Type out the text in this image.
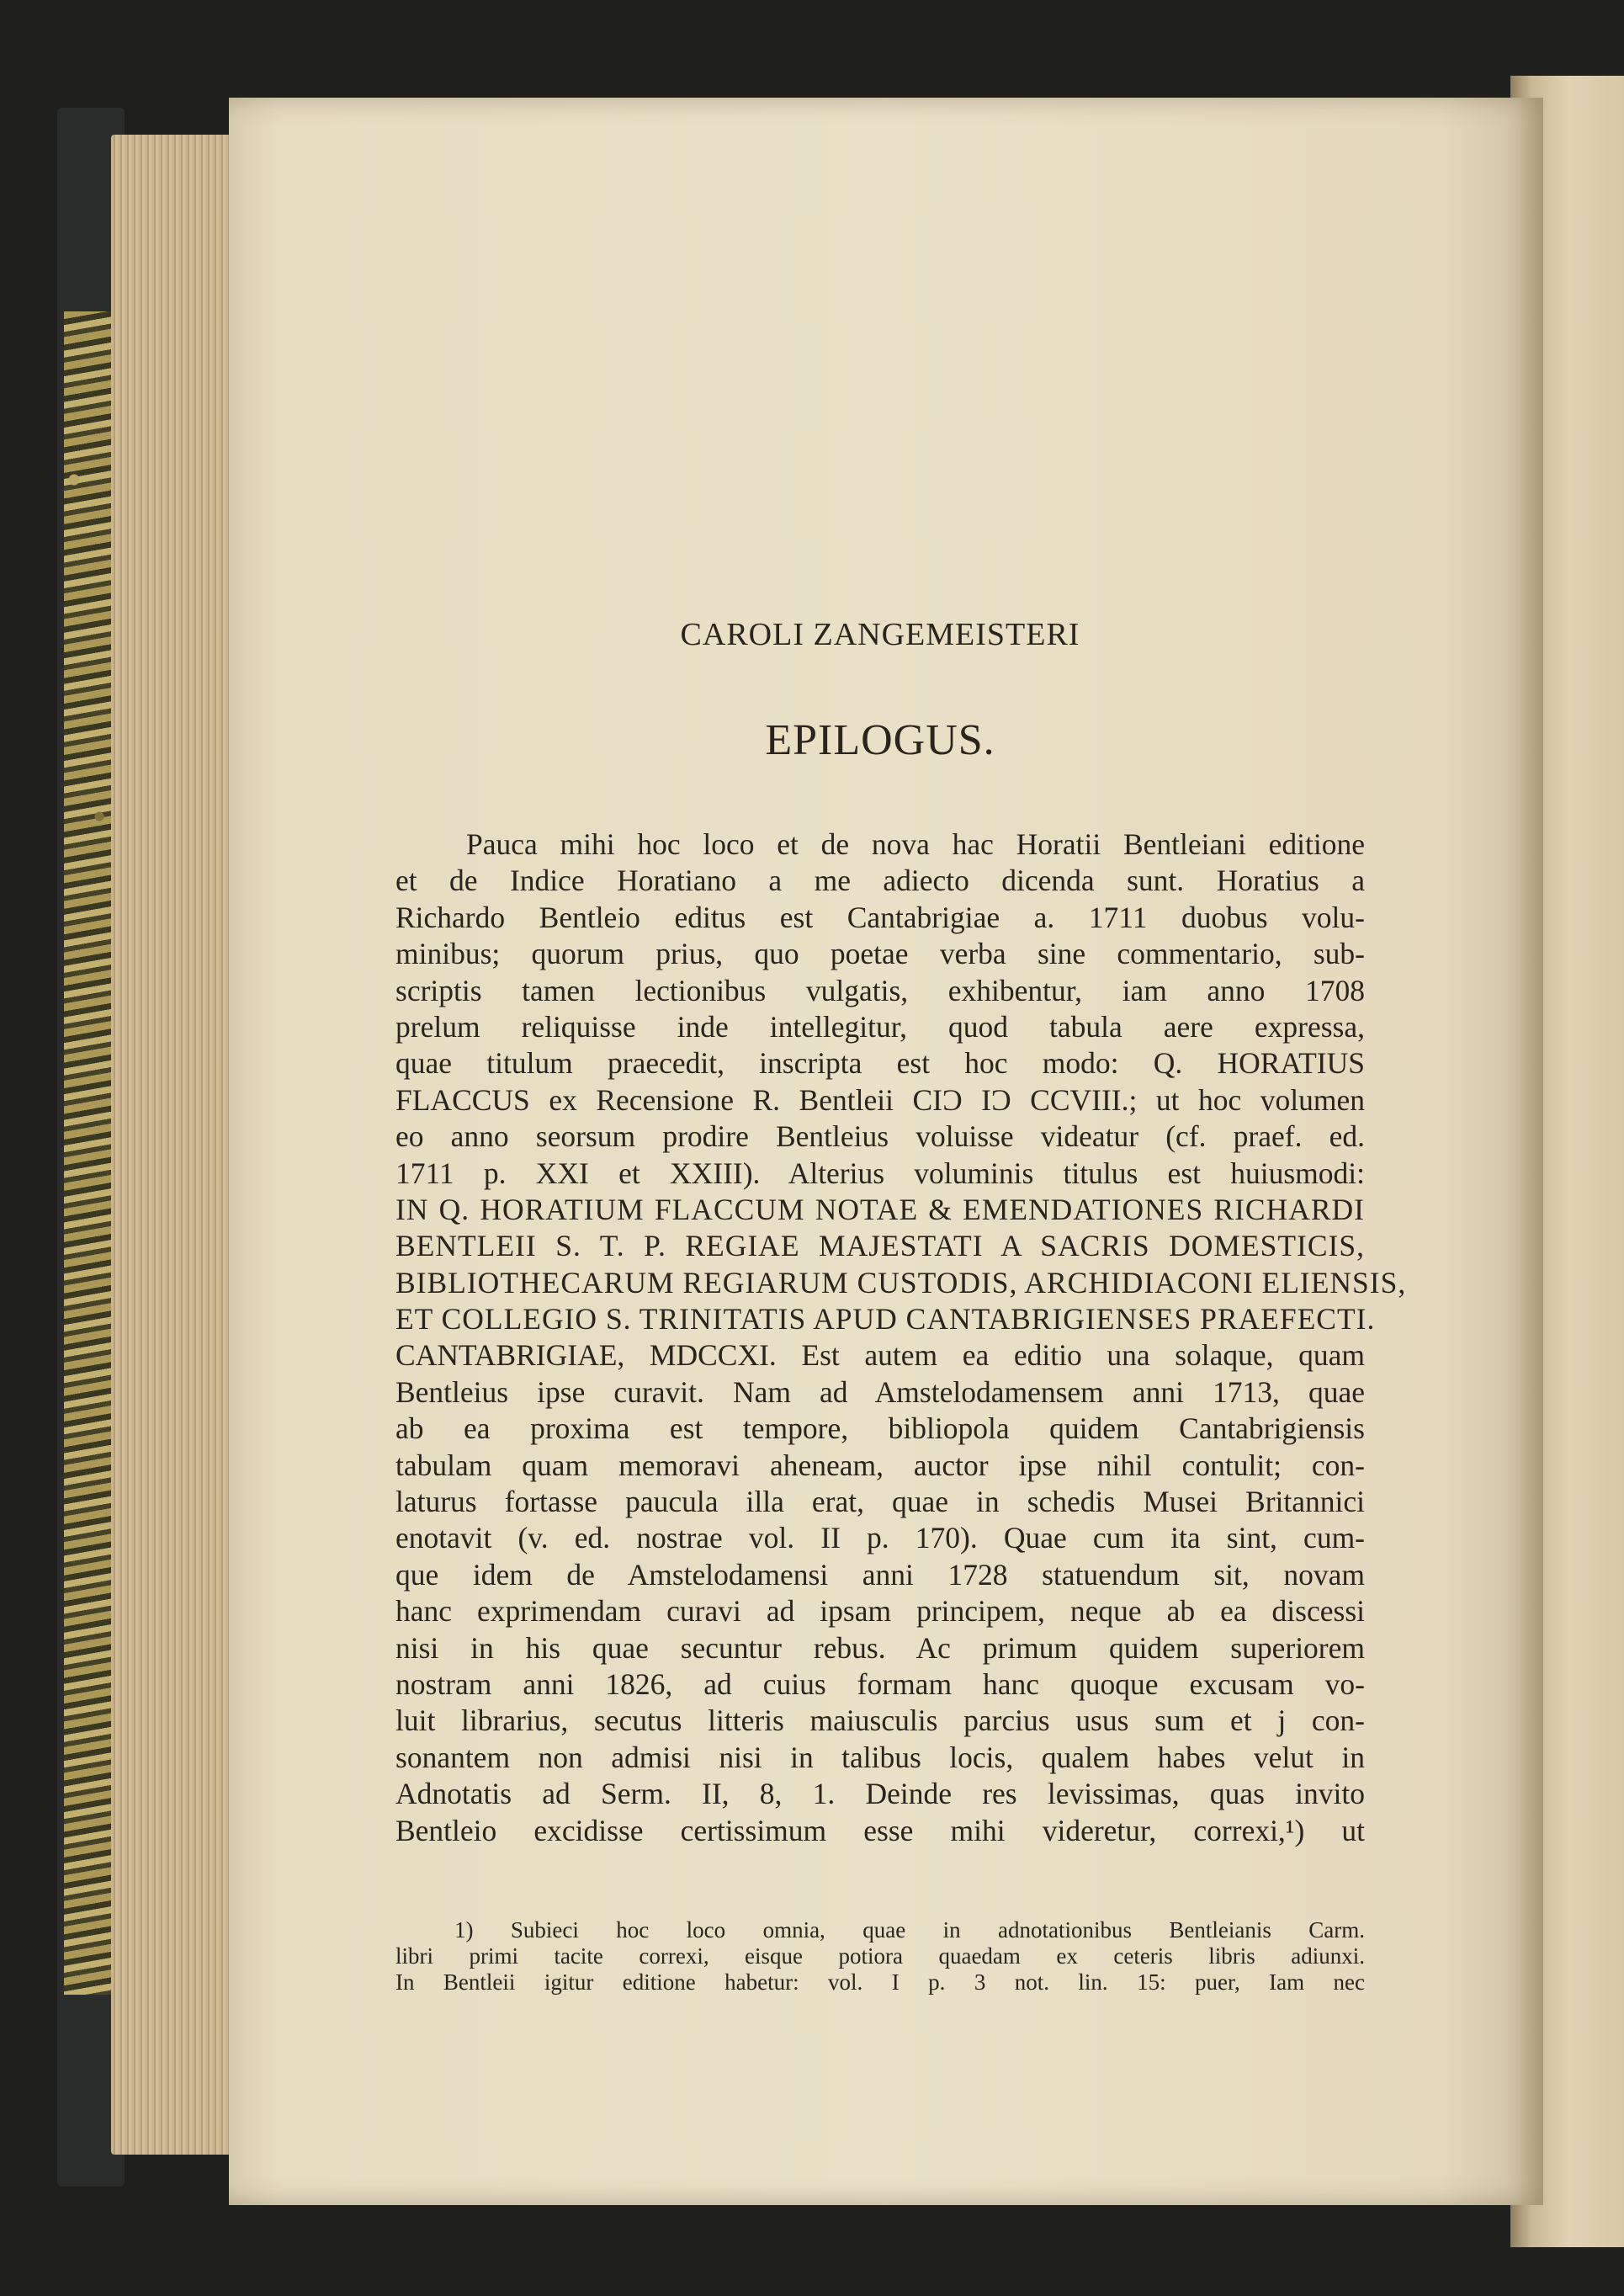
CAROLI ZANGEMEISTERI
EPILOGUS.
Pauca mihi hoc loco et de nova hac Horatii Bentleiani editione
et de Indice Horatiano a me adiecto dicenda sunt. Horatius a
Richardo Bentleio editus est Cantabrigiae a. 1711 duobus volu-
minibus; quorum prius, quo poetae verba sine commentario, sub-
scriptis tamen lectionibus vulgatis, exhibentur, iam anno 1708
prelum reliquisse inde intellegitur, quod tabula aere expressa,
quae titulum praecedit, inscripta est hoc modo: Q. HORATIUS
FLACCUS ex Recensione R. Bentleii CIƆ IƆ CCVIII.; ut hoc volumen
eo anno seorsum prodire Bentleius voluisse videatur (cf. praef. ed.
1711 p. XXI et XXIII). Alterius voluminis titulus est huiusmodi:
IN Q. HORATIUM FLACCUM NOTAE & EMENDATIONES RICHARDI
BENTLEII S. T. P. REGIAE MAJESTATI A SACRIS DOMESTICIS,
BIBLIOTHECARUM REGIARUM CUSTODIS, ARCHIDIACONI ELIENSIS,
ET COLLEGIO S. TRINITATIS APUD CANTABRIGIENSES PRAEFECTI.
CANTABRIGIAE, MDCCXI. Est autem ea editio una solaque, quam
Bentleius ipse curavit. Nam ad Amstelodamensem anni 1713, quae
ab ea proxima est tempore, bibliopola quidem Cantabrigiensis
tabulam quam memoravi aheneam, auctor ipse nihil contulit; con-
laturus fortasse paucula illa erat, quae in schedis Musei Britannici
enotavit (v. ed. nostrae vol. II p. 170). Quae cum ita sint, cum-
que idem de Amstelodamensi anni 1728 statuendum sit, novam
hanc exprimendam curavi ad ipsam principem, neque ab ea discessi
nisi in his quae secuntur rebus. Ac primum quidem superiorem
nostram anni 1826, ad cuius formam hanc quoque excusam vo-
luit librarius, secutus litteris maiusculis parcius usus sum et j con-
sonantem non admisi nisi in talibus locis, qualem habes velut in
Adnotatis ad Serm. II, 8, 1. Deinde res levissimas, quas invito
Bentleio excidisse certissimum esse mihi videretur, correxi,¹) ut
1) Subieci hoc loco omnia, quae in adnotationibus Bentleianis Carm.
libri primi tacite correxi, eisque potiora quaedam ex ceteris libris adiunxi.
In Bentleii igitur editione habetur: vol. I p. 3 not. lin. 15: puer, Iam nec
